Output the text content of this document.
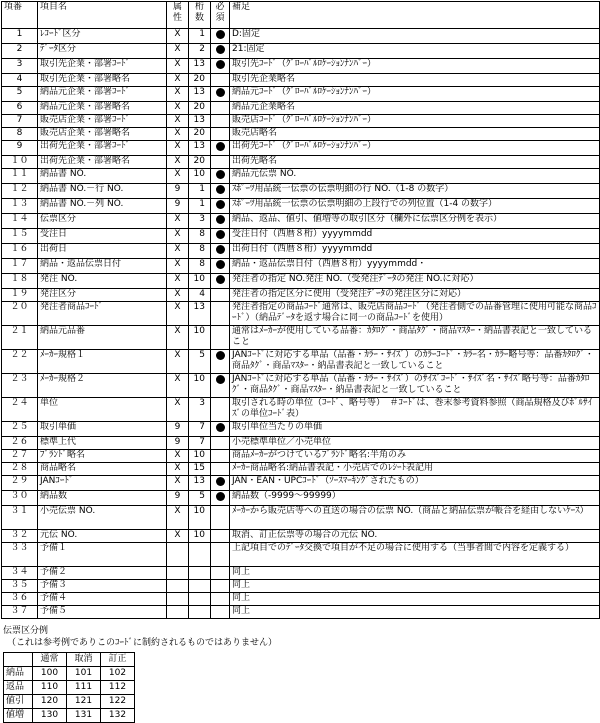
項番	項目名	属性	桁数	必須	補足
1	ﾚｺｰﾄﾞ区分	X	1		D:固定
2	ﾃﾞｰﾀ区分	X	2		21:固定
3	取引先企業・部署ｺｰﾄﾞ	X	13		取引先ｺｰﾄﾞ（ｸﾞﾛｰﾊﾞﾙﾛｹｰｼｮﾝﾅﾝﾊﾞｰ）
4	取引先企業・部署略名	X	20		取引先企業略名
5	納品元企業・部署ｺｰﾄﾞ	X	13		納品元ｺｰﾄﾞ（ｸﾞﾛｰﾊﾞﾙﾛｹｰｼｮﾝﾅﾝﾊﾞｰ）
6	納品元企業・部署略名	X	20		納品元企業略名
7	販売店企業・部署ｺｰﾄﾞ	X	13		販売店ｺｰﾄﾞ（ｸﾞﾛｰﾊﾞﾙﾛｹｰｼｮﾝﾅﾝﾊﾞｰ）
8	販売店企業・部署略名	X	20		販売店略名
9	出荷先企業・部署ｺｰﾄﾞ	X	13		出荷先ｺｰﾄﾞ（ｸﾞﾛｰﾊﾞﾙﾛｹｰｼｮﾝﾅﾝﾊﾞｰ）
１０	出荷先企業・部署略名	X	20		出荷先略名
１１	納品書 NO.	X	10		納品元伝票 NO.
１２	納品書 NO.－行 NO.	9	1		ｽﾎﾟｰﾂ用品統一伝票の伝票明細の行 NO.（1-8 の数字）
１３	納品書 NO.－列 NO.	9	1		ｽﾎﾟｰﾂ用品統一伝票の伝票明細の上段行での列位置（1-4 の数字）
１４	伝票区分	X	3		納品、返品、値引、値増等の取引区分（欄外に伝票区分例を表示）
１５	受注日	X	8		受注日付（西暦８桁）yyyymmdd
１６	出荷日	X	8		出荷日付（西暦８桁）yyyymmdd
１７	納品・返品伝票日付	X	8		納品・返品伝票日付（西暦８桁）yyyymmdd・
１８	発注 NO.	X	10		発注者の指定 NO.発注 NO.（受発注ﾃﾞｰﾀの発注 NO.に対応）
１９	発注区分	X	4		発注者の指定区分に使用（受発注ﾃﾞｰﾀの発注区分に対応）
２０	発注者商品ｺｰﾄﾞ	X	13		発注者指定の商品ｺｰﾄﾞ通常は、販売店商品ｺｰﾄﾞ（発注者側での品番管理に使用可能な商品ｺｰﾄﾞ）（納品ﾃﾞｰﾀを返す場合に同一の商品ｺｰﾄﾞを使用）
２１	納品元品番	X	10		通常はﾒｰｶｰが使用している品番：ｶﾀﾛｸﾞ・商品ﾀｸﾞ・商品ﾏｽﾀｰ・納品書表記と一致していること
２２	ﾒｰｶｰ規格１	X	5		JANｺｰﾄﾞに対応する単品（品番・ｶﾗｰ・ｻｲｽﾞ）のｶﾗｰｺｰﾄﾞ・ｶﾗｰ名・ｶﾗｰ略号等：品番ｶﾀﾛｸﾞ・商品ﾀｸﾞ・商品ﾏｽﾀｰ・納品書表記と一致していること
２３	ﾒｰｶｰ規格２	X	10		JANｺｰﾄﾞに対応する単品（品番・ｶﾗｰ・ｻｲｽﾞ）のｻｲｽﾞｺｰﾄﾞ・ｻｲｽﾞ名・ｻｲｽﾞ略号等：品番ｶﾀﾛｸﾞ・商品ﾀｸﾞ・商品ﾏｽﾀｰ・納品書表記と一致していること
２４	単位	X	3		取引される時の単位（ｺｰﾄﾞ、略号等）　＃ｺｰﾄﾞは、巻末参考資料参照（商品規格及びﾎﾞﾙｻｲｽﾞの単位ｺｰﾄﾞ表）
２５	取引単価	9	7		取引単位当たりの単価
２６	標準上代	9	7		小売標準単位／小売単位
２７	ﾌﾞﾗﾝﾄﾞ略名	X	10		商品ﾒｰｶｰがつけているﾌﾞﾗﾝﾄﾞ略名:半角のみ
２８	商品略名	X	15		ﾒｰｶｰ商品略名:納品書表記・小売店でのﾚｼｰﾄ表記用
２９	JANｺｰﾄﾞ	X	13		JAN・EAN・UPCｺｰﾄﾞ（ｿｰｽﾏｰｷﾝｸﾞされたもの）
３０	納品数	9	5		納品数（-9999～99999）
３１	小売伝票 NO.	X	10		ﾒｰｶｰから販売店等への直送の場合の伝票 NO.（商品と納品伝票が帳合を経由しないｹｰｽ）
３２	元伝 NO.	X	10		取消、訂正伝票等の場合の元伝 NO.
３３	予備１				上記項目でのﾃﾞｰﾀ交換で項目が不足の場合に使用する（当事者間で内容を定義する）
３４	予備２				同上
３５	予備３				同上
３６	予備４				同上
３７	予備５				同上
伝票区分例
（これは参考例でありこのｺｰﾄﾞに制約されるものではありません）
	通常	取消	訂正
納品	100	101	102
返品	110	111	112
値引	120	121	122
値増	130	131	132
